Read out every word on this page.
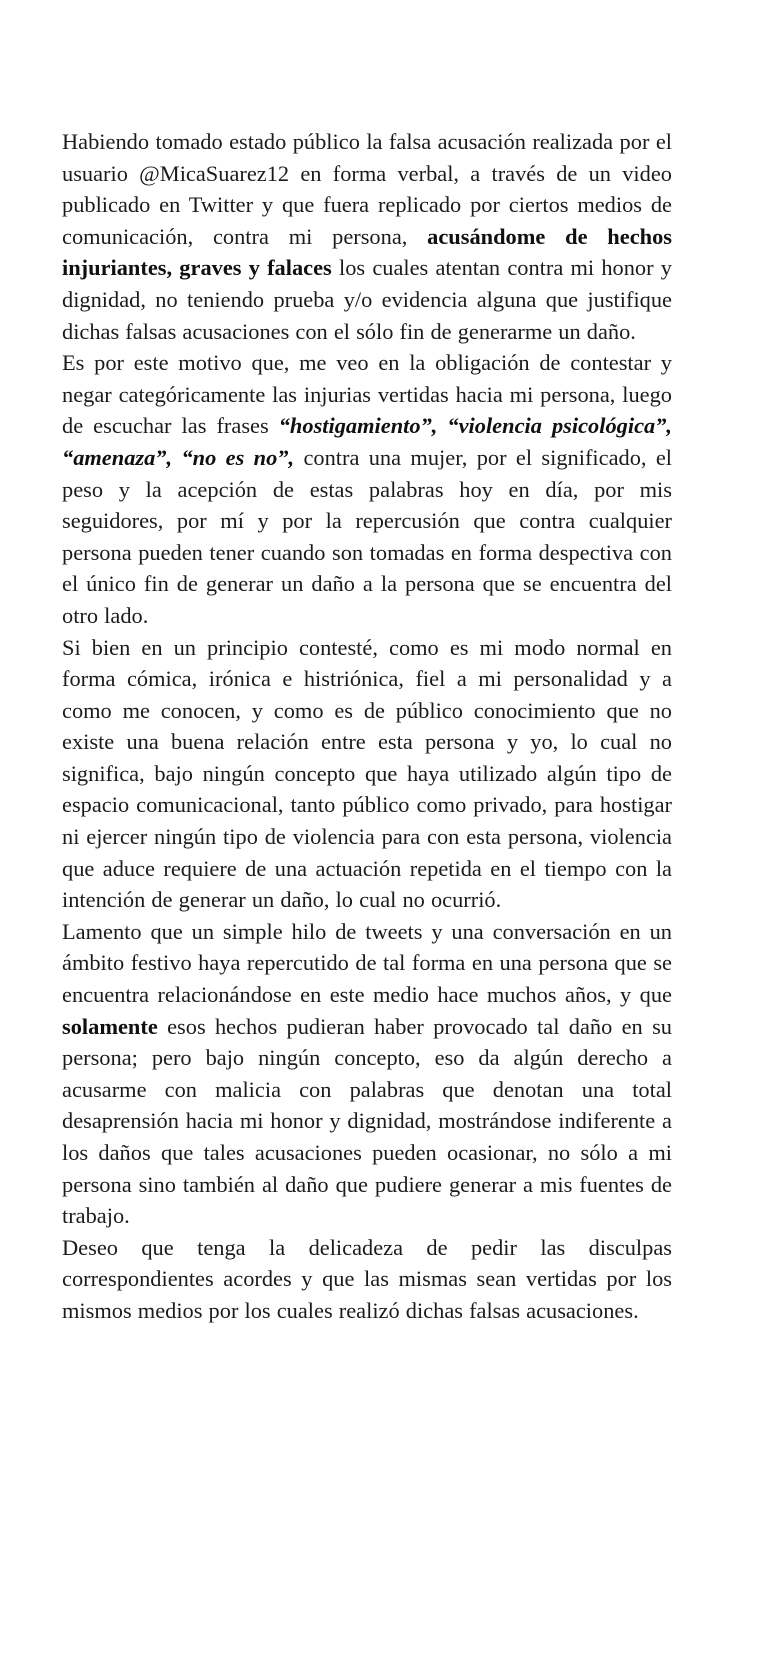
Habiendo tomado estado público la falsa acusación realizada por el usuario @MicaSuarez12 en forma verbal, a través de un video publicado en Twitter y que fuera replicado por ciertos medios de comunicación, contra mi persona, acusándome de hechos injuriantes, graves y falaces los cuales atentan contra mi honor y dignidad, no teniendo prueba y/o evidencia alguna que justifique dichas falsas acusaciones con el sólo fin de generarme un daño.

Es por este motivo que, me veo en la obligación de contestar y negar categóricamente las injurias vertidas hacia mi persona, luego de escuchar las frases “hostigamiento”, “violencia psicológica”, “amenaza”, “no es no”, contra una mujer, por el significado, el peso y la acepción de estas palabras hoy en día, por mis seguidores, por mí y por la repercusión que contra cualquier persona pueden tener cuando son tomadas en forma despectiva con el único fin de generar un daño a la persona que se encuentra del otro lado.

Si bien en un principio contesté, como es mi modo normal en forma cómica, irónica e histriónica, fiel a mi personalidad y a como me conocen, y como es de público conocimiento que no existe una buena relación entre esta persona y yo, lo cual no significa, bajo ningún concepto que haya utilizado algún tipo de espacio comunicacional, tanto público como privado, para hostigar ni ejercer ningún tipo de violencia para con esta persona, violencia que aduce requiere de una actuación repetida en el tiempo con la intención de generar un daño, lo cual no ocurrió.

Lamento que un simple hilo de tweets y una conversación en un ámbito festivo haya repercutido de tal forma en una persona que se encuentra relacionándose en este medio hace muchos años, y que solamente esos hechos pudieran haber provocado tal daño en su persona; pero bajo ningún concepto, eso da algún derecho a acusarme con malicia con palabras que denotan una total desaprensión hacia mi honor y dignidad, mostrándose indiferente a los daños que tales acusaciones pueden ocasionar, no sólo a mi persona sino también al daño que pudiere generar a mis fuentes de trabajo.

Deseo que tenga la delicadeza de pedir las disculpas correspondientes acordes y que las mismas sean vertidas por los mismos medios por los cuales realizó dichas falsas acusaciones.
